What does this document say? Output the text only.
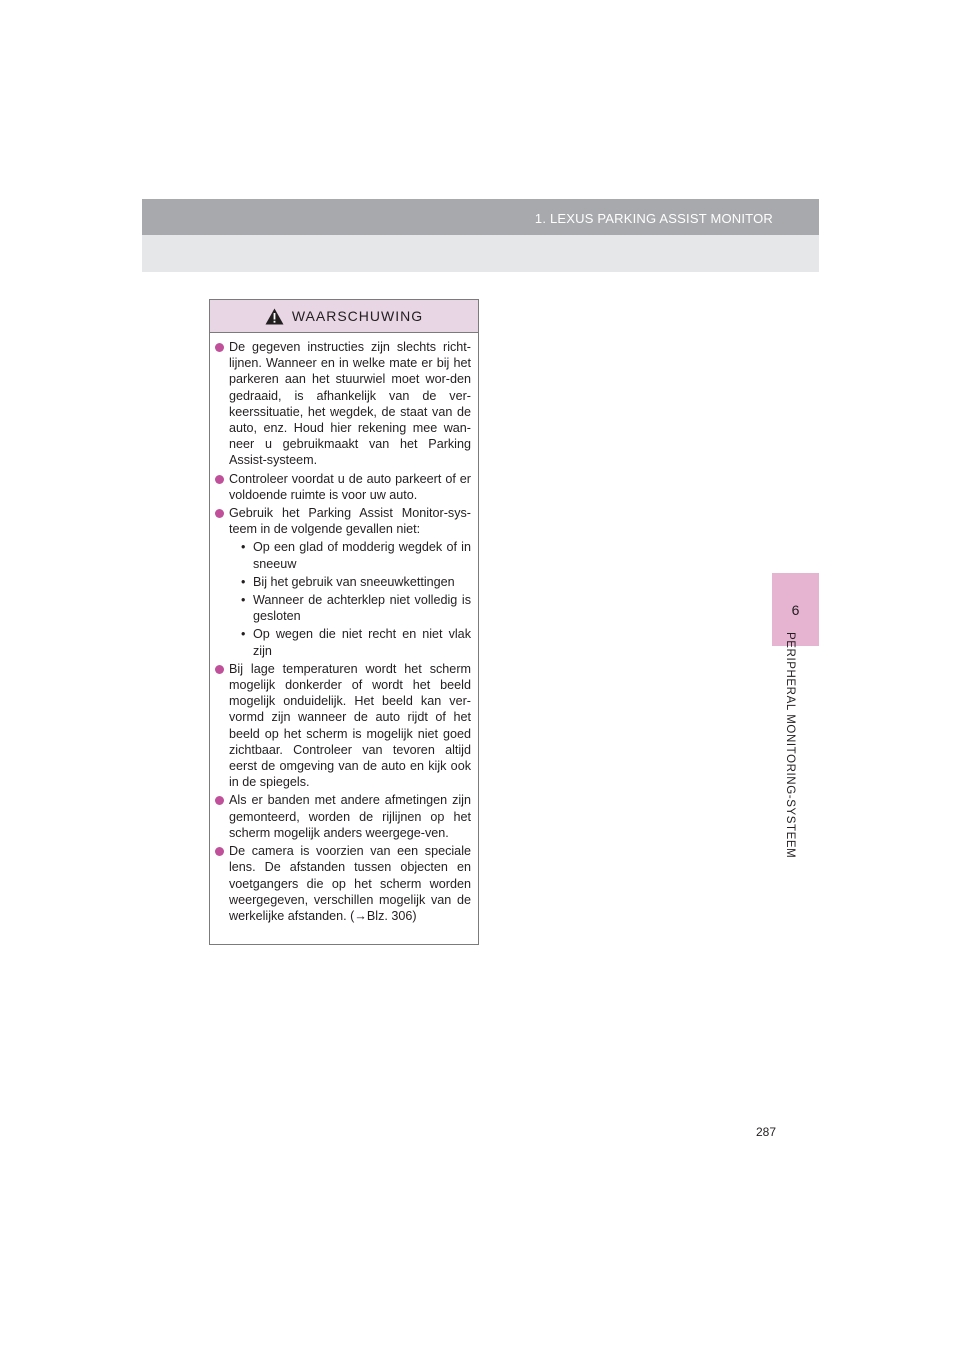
1. LEXUS PARKING ASSIST MONITOR
6
PERIPHERAL MONITORING-SYSTEEM
WAARSCHUWING
De gegeven instructies zijn slechts richt-lijnen. Wanneer en in welke mate er bij het parkeren aan het stuurwiel moet wor-den gedraaid, is afhankelijk van de ver-keerssituatie, het wegdek, de staat van de auto, enz. Houd hier rekening mee wan-neer u gebruikmaakt van het Parking Assist-systeem.
Controleer voordat u de auto parkeert of er voldoende ruimte is voor uw auto.
Gebruik het Parking Assist Monitor-sys-teem in de volgende gevallen niet:
• Op een glad of modderig wegdek of in sneeuw
• Bij het gebruik van sneeuwkettingen
• Wanneer de achterklep niet volledig is gesloten
• Op wegen die niet recht en niet vlak zijn
Bij lage temperaturen wordt het scherm mogelijk donkerder of wordt het beeld mogelijk onduidelijk. Het beeld kan ver-vormd zijn wanneer de auto rijdt of het beeld op het scherm is mogelijk niet goed zichtbaar. Controleer van tevoren altijd eerst de omgeving van de auto en kijk ook in de spiegels.
Als er banden met andere afmetingen zijn gemonteerd, worden de rijlijnen op het scherm mogelijk anders weergege-ven.
De camera is voorzien van een speciale lens. De afstanden tussen objecten en voetgangers die op het scherm worden weergegeven, verschillen mogelijk van de werkelijke afstanden. (→Blz. 306)
287
